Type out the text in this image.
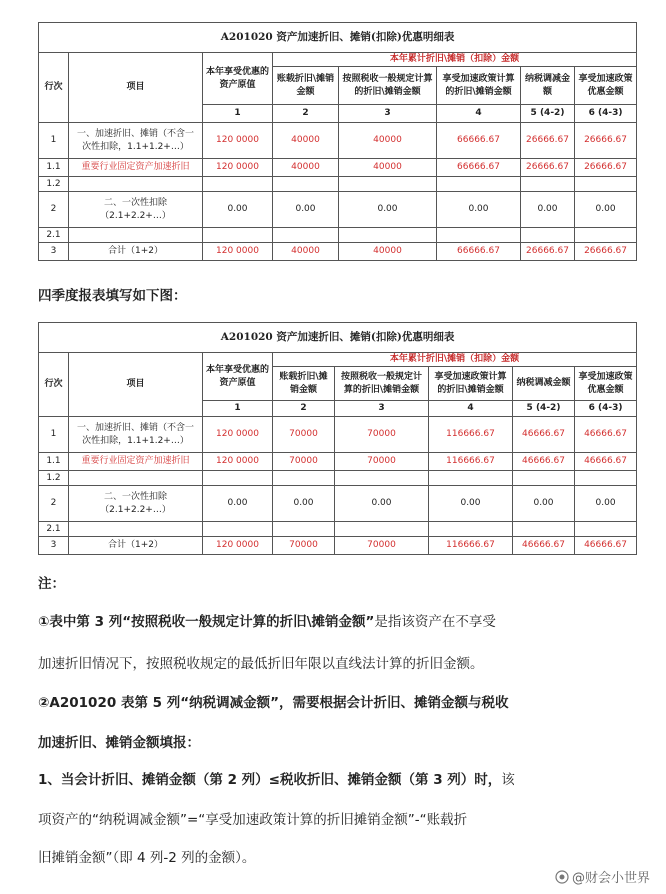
A201020 资产加速折旧、摊销(扣除)优惠明细表							
行次	项目	本年享受优惠的资产原值	本年累计折旧\摊销（扣除）金额				
			账载折旧\摊销金额	按照税收一般规定计算的折旧\摊销金额	享受加速政策计算的折旧\摊销金额	纳税调减金额	享受加速政策优惠金额
		1	2	3	4	5 (4-2)	6 (4-3)
1	一、加速折旧、摊销（不含一次性扣除，1.1+1.2+…）	120 0000	40000	40000	66666.67	26666.67	26666.67
1.1	重要行业固定资产加速折旧	120 0000	40000	40000	66666.67	26666.67	26666.67
1.2							
2	二、一次性扣除（2.1+2.2+…）	0.00	0.00	0.00	0.00	0.00	0.00
2.1							
3	合计（1+2）	120 0000	40000	40000	66666.67	26666.67	26666.67
四季度报表填写如下图：
A201020 资产加速折旧、摊销(扣除)优惠明细表							
行次	项目	本年享受优惠的资产原值	本年累计折旧\摊销（扣除）金额				
			账载折旧\摊销金额	按照税收一般规定计算的折旧\摊销金额	享受加速政策计算的折旧\摊销金额	纳税调减金额	享受加速政策优惠金额
		1	2	3	4	5 (4-2)	6 (4-3)
1	一、加速折旧、摊销（不含一次性扣除，1.1+1.2+…）	120 0000	70000	70000	116666.67	46666.67	46666.67
1.1	重要行业固定资产加速折旧	120 0000	70000	70000	116666.67	46666.67	46666.67
1.2							
2	二、一次性扣除（2.1+2.2+…）	0.00	0.00	0.00	0.00	0.00	0.00
2.1							
3	合计（1+2）	120 0000	70000	70000	116666.67	46666.67	46666.67
注：
①表中第 3 列“按照税收一般规定计算的折旧\摊销金额”是指该资产在不享受
加速折旧情况下，按照税收规定的最低折旧年限以直线法计算的折旧金额。
②A201020 表第 5 列“纳税调减金额”，需要根据会计折旧、摊销金额与税收
加速折旧、摊销金额填报：
1、当会计折旧、摊销金额（第 2 列）≤税收折旧、摊销金额（第 3 列）时，该
项资产的“纳税调减金额”=“享受加速政策计算的折旧摊销金额”-“账载折
旧摊销金额”（即 4 列-2 列的金额）。
@财会小世界
